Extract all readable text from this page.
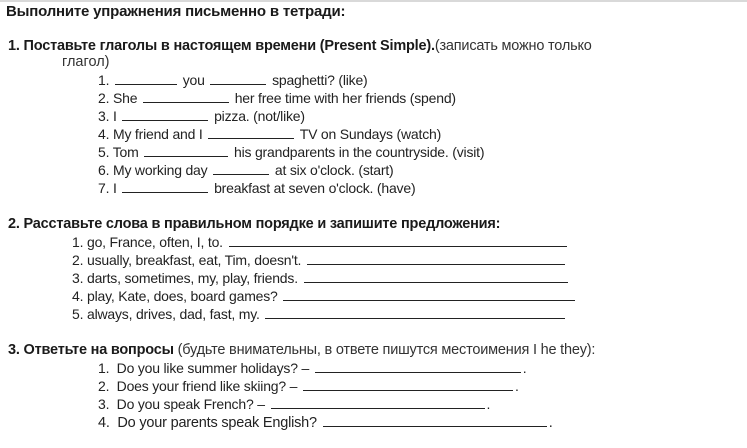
Выполните упражнения письменно в тетради:
1. Поставьте глаголы в настоящем времени (Present Simple).(записать можно только
глагол)
1.	you	spaghetti? (like)
2. She	her free time with her friends (spend)
3. I	pizza. (not/like)
4. My friend and I	TV on Sundays (watch)
5. Tom	his grandparents in the countryside. (visit)
6. My working day	at six o'clock. (start)
7. I	breakfast at seven o'clock. (have)
2. Расставьте слова в правильном порядке и запишите предложения:
1. go, France, often, I, to.
2. usually, breakfast, eat, Tim, doesn't.
3. darts, sometimes, my, play, friends.
4. play, Kate, does, board games?
5. always, drives, dad, fast, my.
3. Ответьте на вопросы (будьте внимательны, в ответе пишутся местоимения I he they):
1. Do you like summer holidays? –	.
2. Does your friend like skiing? –	.
3. Do you speak French? –	.
4. Do your parents speak English?	.
